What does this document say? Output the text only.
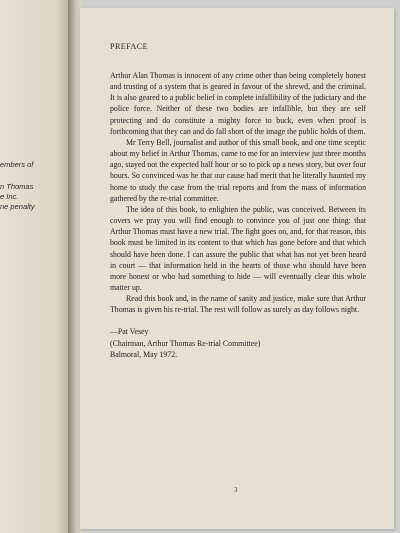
embers of
n Thomas
e Inc.
ne penalty
PREFACE

Arthur Alan Thomas is innocent of any crime other than being completely honest and trusting of a system that is geared in favour of the shrewd, and the criminal. It is also geared to a public belief in complete infallibility of the judiciary and the police force. Neither of these two bodies are infallible, but they are self protecting and do constitute a mighty force to buck, even when proof is forthcoming that they can and do fall short of the image the public holds of them.

Mr Terry Bell, journalist and author of this small book, and one time sceptic about my belief in Arthur Thomas, came to me for an interview just three months ago, stayed not the expected half hour or so to pick up a news story, but over four hours. So convinced was he that our cause had merit that he literally haunted my home to study the case from the trial reports and from the mass of information gathered by the re-trial committee.

The idea of this book, to enlighten the public, was conceived. Between its covers we pray you will find enough to convince you of just one thing: that Arthur Thomas must have a new trial. The fight goes on, and, for that reason, this book must be limited in its content to that which has gone before and that which should have been done. I can assure the public that what has not yet been heard in court — that information held in the hearts of those who should have been more honest or who had something to hide — will eventually clear this whole matter up.

Read this book and, in the name of sanity and justice, make sure that Arthur Thomas is given his re-trial. The rest will follow as surely as day follows night.

—Pat Vesey
(Chairman, Arthur Thomas Re-trial Committee)
Balmoral, May 1972.
3
